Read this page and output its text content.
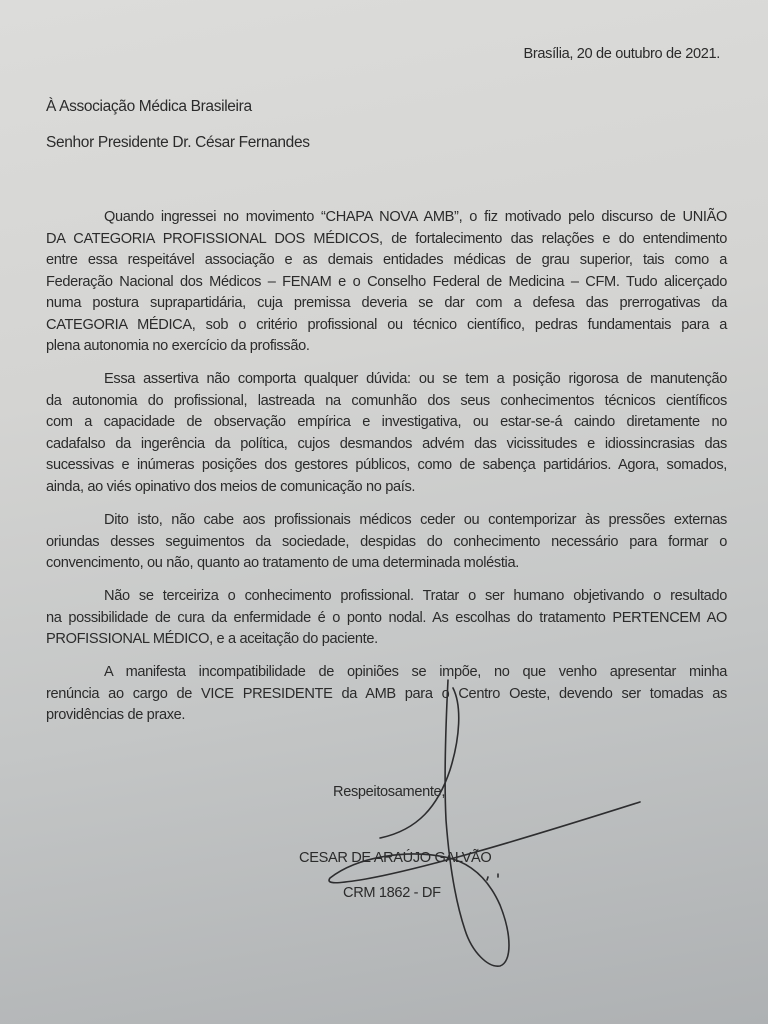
Brasília, 20 de outubro de 2021.
À Associação Médica Brasileira
Senhor Presidente Dr. César Fernandes
Quando ingressei no movimento “CHAPA NOVA AMB”, o fiz motivado pelo discurso de UNIÃO
DA CATEGORIA PROFISSIONAL DOS MÉDICOS, de fortalecimento das relações e do entendimento
entre essa respeitável associação e as demais entidades médicas de grau superior, tais como a
Federação Nacional dos Médicos – FENAM e o Conselho Federal de Medicina – CFM. Tudo alicerçado
numa postura suprapartidária, cuja premissa deveria se dar com a defesa das prerrogativas da
CATEGORIA MÉDICA, sob o critério profissional ou técnico científico, pedras fundamentais para a
plena autonomia no exercício da profissão.
Essa assertiva não comporta qualquer dúvida: ou se tem a posição rigorosa de manutenção
da autonomia do profissional, lastreada na comunhão dos seus conhecimentos técnicos científicos
com a capacidade de observação empírica e investigativa, ou estar-se-á caindo diretamente no
cadafalso da ingerência da política, cujos desmandos advém das vicissitudes e idiossincrasias das
sucessivas e inúmeras posições dos gestores públicos, como de sabença partidários. Agora, somados,
ainda, ao viés opinativo dos meios de comunicação no país.
Dito isto, não cabe aos profissionais médicos ceder ou contemporizar às pressões externas
oriundas desses seguimentos da sociedade, despidas do conhecimento necessário para formar o
convencimento, ou não, quanto ao tratamento de uma determinada moléstia.
Não se terceiriza o conhecimento profissional. Tratar o ser humano objetivando o resultado
na possibilidade de cura da enfermidade é o ponto nodal. As escolhas do tratamento PERTENCEM AO
PROFISSIONAL MÉDICO, e a aceitação do paciente.
A manifesta incompatibilidade de opiniões se impõe, no que venho apresentar minha
renúncia ao cargo de VICE PRESIDENTE da AMB para o Centro Oeste, devendo ser tomadas as
providências de praxe.
Respeitosamente,
CESAR DE ARAÚJO GALVÃO
CRM 1862 - DF
